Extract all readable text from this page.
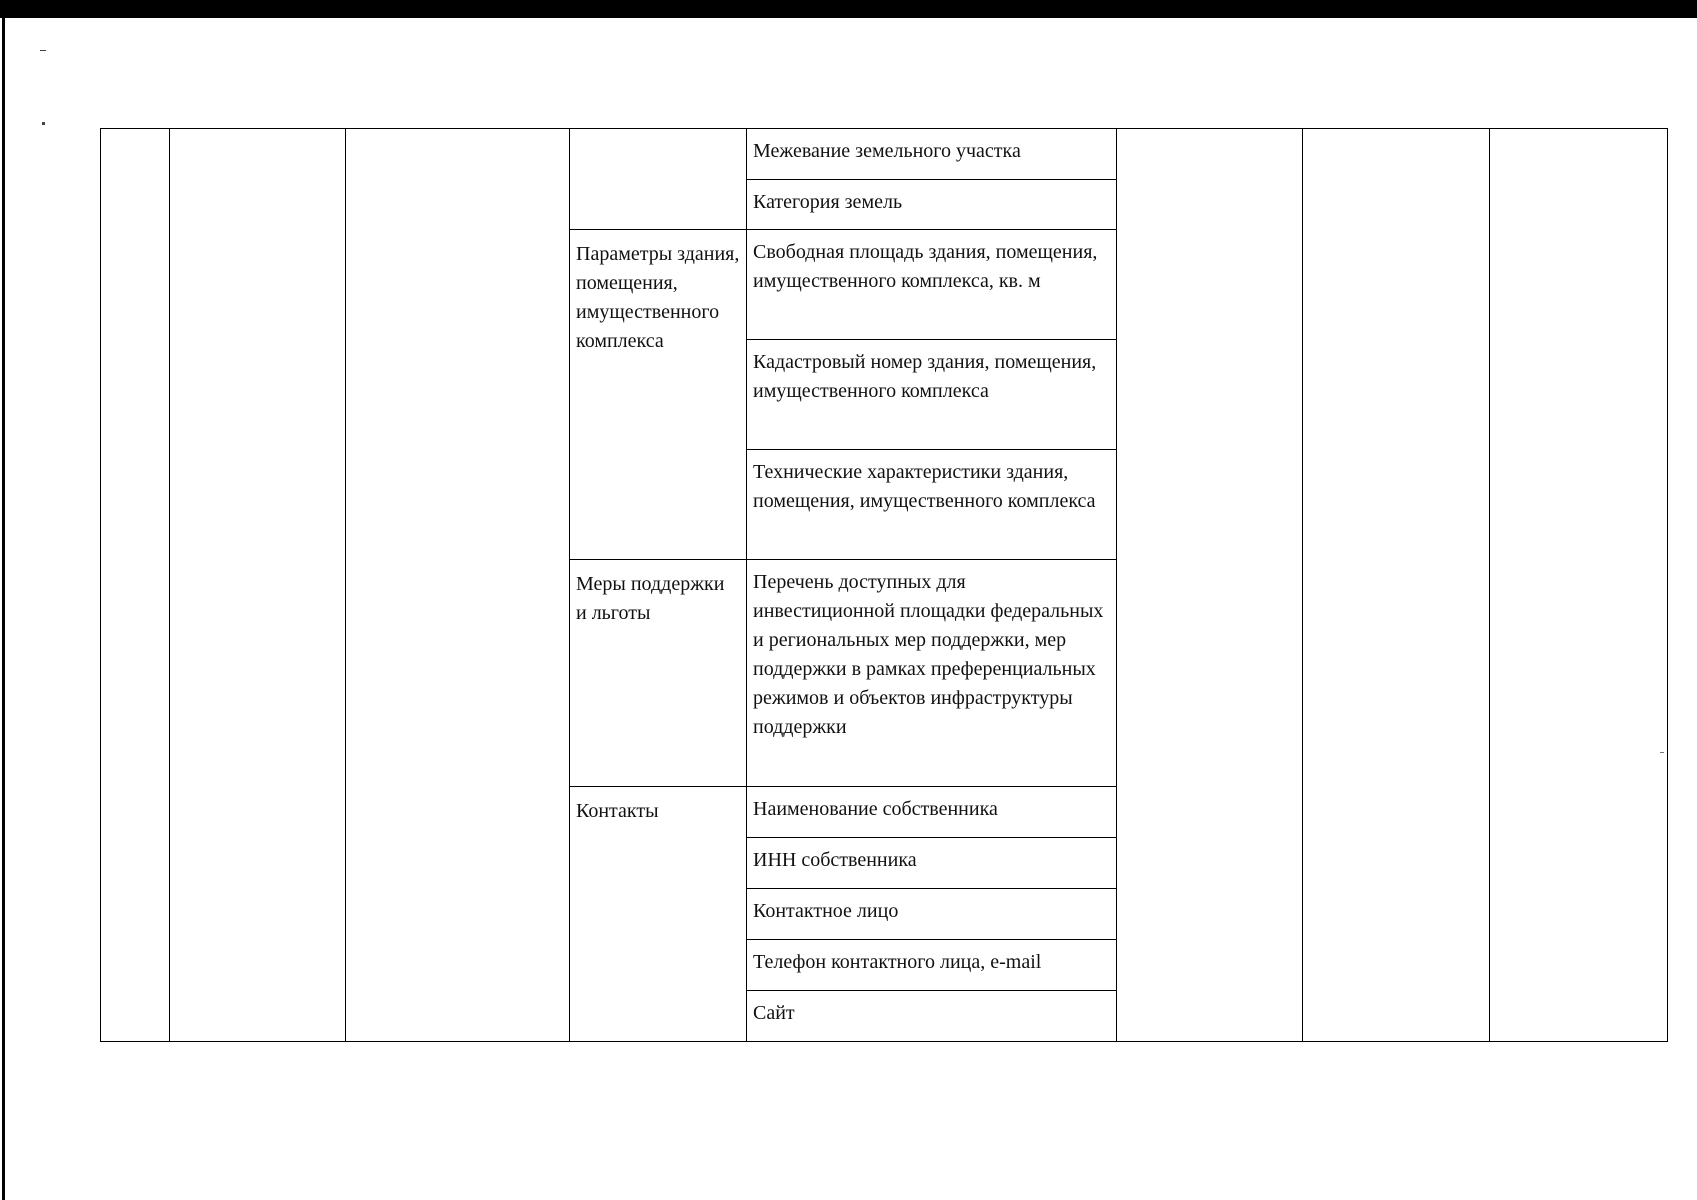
				Межевание земельного участка			

				Категория земель			

			Параметры здания, помещения, имущественного комплекса	Свободная площадь здания, помещения, имущественного комплекса, кв. м			

				Кадастровый номер здания, помещения, имущественного комплекса			

				Технические характеристики здания, помещения, имущественного комплекса			

			Меры поддержки и льготы	Перечень доступных для инвестиционной площадки федеральных и региональных мер поддержки, мер поддержки в рамках преференциальных режимов и объектов инфраструктуры поддержки			

			Контакты	Наименование собственника			

				ИНН собственника			

				Контактное лицо			

				Телефон контактного лица, e-mail			

				Сайт			
